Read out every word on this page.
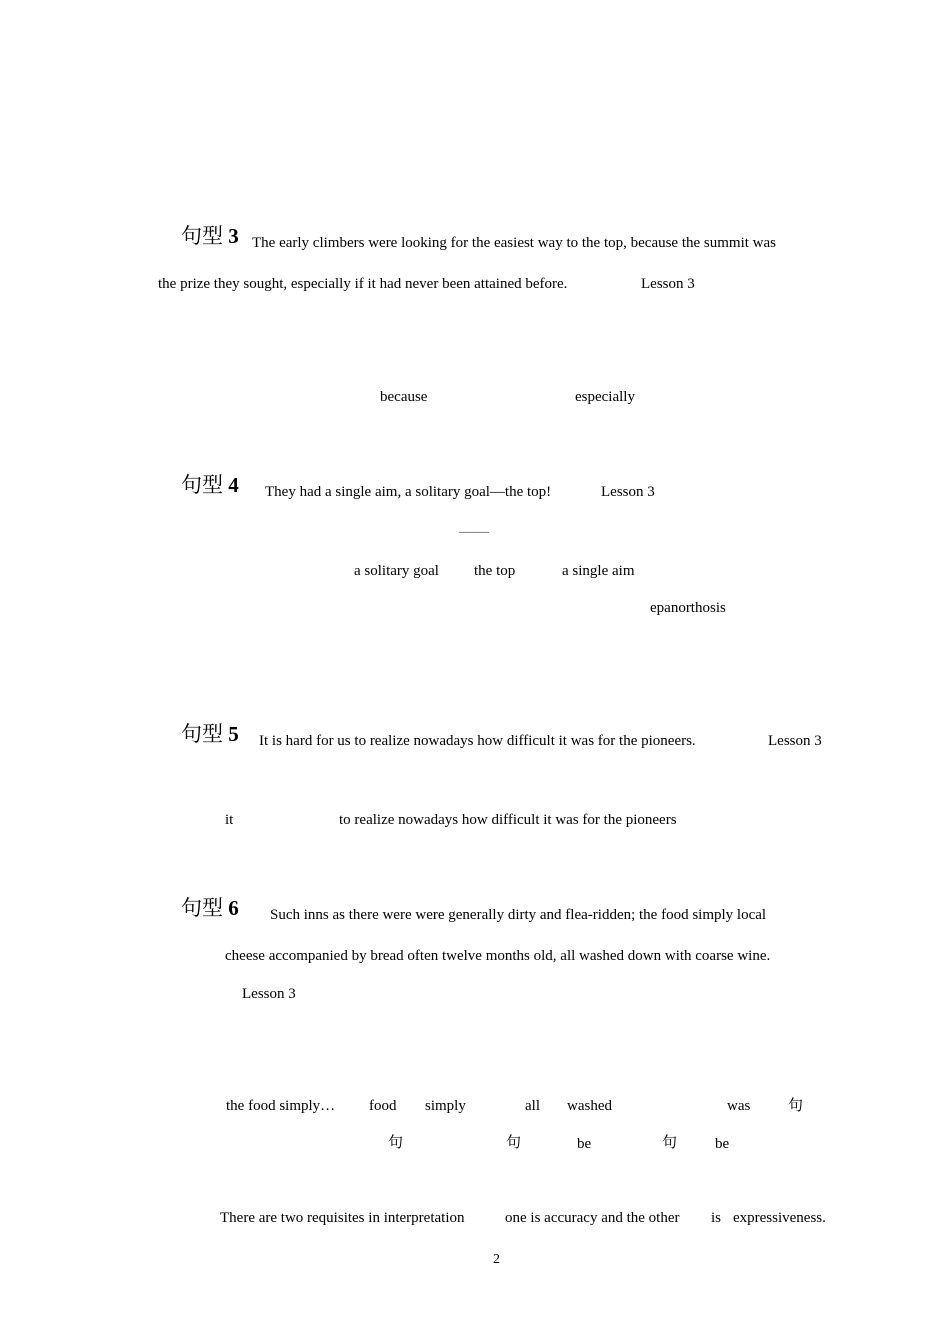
句型 3 The early climbers were looking for the easiest way to the top, because the summit was
the prize they sought, especially if it had never been attained before.	Lesson 3
because	especially
句型 4 They had a single aim, a solitary goal—the top!	Lesson 3
——
a solitary goal the top	a single aim
epanorthosis
句型 5 It is hard for us to realize nowadays how difficult it was for the pioneers.	Lesson 3
it	to realize nowadays how difficult it was for the pioneers
句型 6 Such inns as there were were generally dirty and flea-ridden; the food simply local
cheese accompanied by bread often twelve months old, all washed down with coarse wine.
Lesson 3
the food simply… food simply	all washed	was	句
句	句	be	句	be
There are two requisites in interpretation	one is accuracy and the other is expressiveness.
2
